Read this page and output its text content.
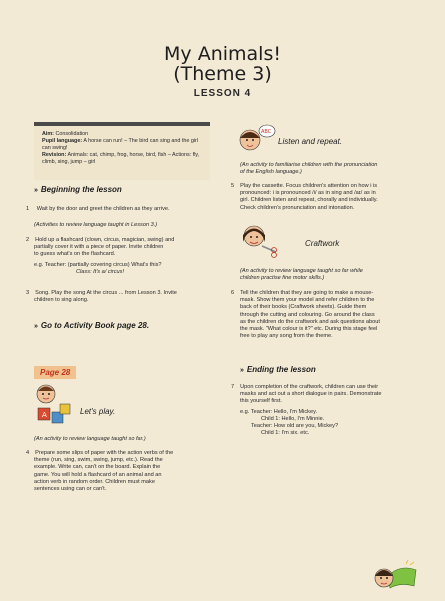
My Animals!
(Theme 3)
LESSON 4
Aim: Consolidation
Pupil language: A horse can run! – The bird can sing and the girl can swing!
Revision: Animals: cat, chimp, frog, horse, bird, fish – Actions: fly, climb, sing, jump – girl
» Beginning the lesson
1 Wait by the door and greet the children as they arrive.
(Activities to review language taught in Lesson 3.)
2 Hold up a flashcard (clown, circus, magician, swing) and
partially cover it with a piece of paper. Invite children
to guess what's on the flashcard.
e.g. Teacher: (partially covering circus) What's this?
Class: It's a/ circus!
3 Song. Play the song At the circus ... from Lesson 3. Invite
children to sing along.
» Go to Activity Book page 28.
Page 28
A	Let's play.
(An activity to review language taught so far.)
4 Prepare some slips of paper with the action verbs of the
theme (run, sing, swim, swing, jump, etc.). Read the
example. Write can, can't on the board. Explain the
game. You will hold a flashcard of an animal and an
action verb in random order. Children must make
sentences using can or can't.
ABC
Listen and repeat.
(An activity to familiarise children with the pronunciation
of the English language.)
5 Play the cassette. Focus children's attention on how i is
pronounced: i is pronounced /i/ as in sing and /aɪ/ as in
girl. Children listen and repeat, chorally and individually.
Check children's pronunciation and intonation.
Craftwork
(An activity to review language taught so far while
children practise fine motor skills.)
6 Tell the children that they are going to make a mouse-
mask. Show them your model and refer children to the
back of their books (Craftwork sheets). Guide them
through the cutting and colouring. Go around the class
as the children do the craftwork and ask questions about
the mask. "What colour is it?" etc. During this stage feel
free to play any song from the theme.
» Ending the lesson
7 Upon completion of the craftwork, children can use their
masks and act out a short dialogue in pairs. Demonstrate
this yourself first.
e.g. Teacher: Hello, I'm Mickey.
Child 1: Hello, I'm Minnie.
Teacher: How old are you, Mickey?
Child 1: I'm six. etc.
